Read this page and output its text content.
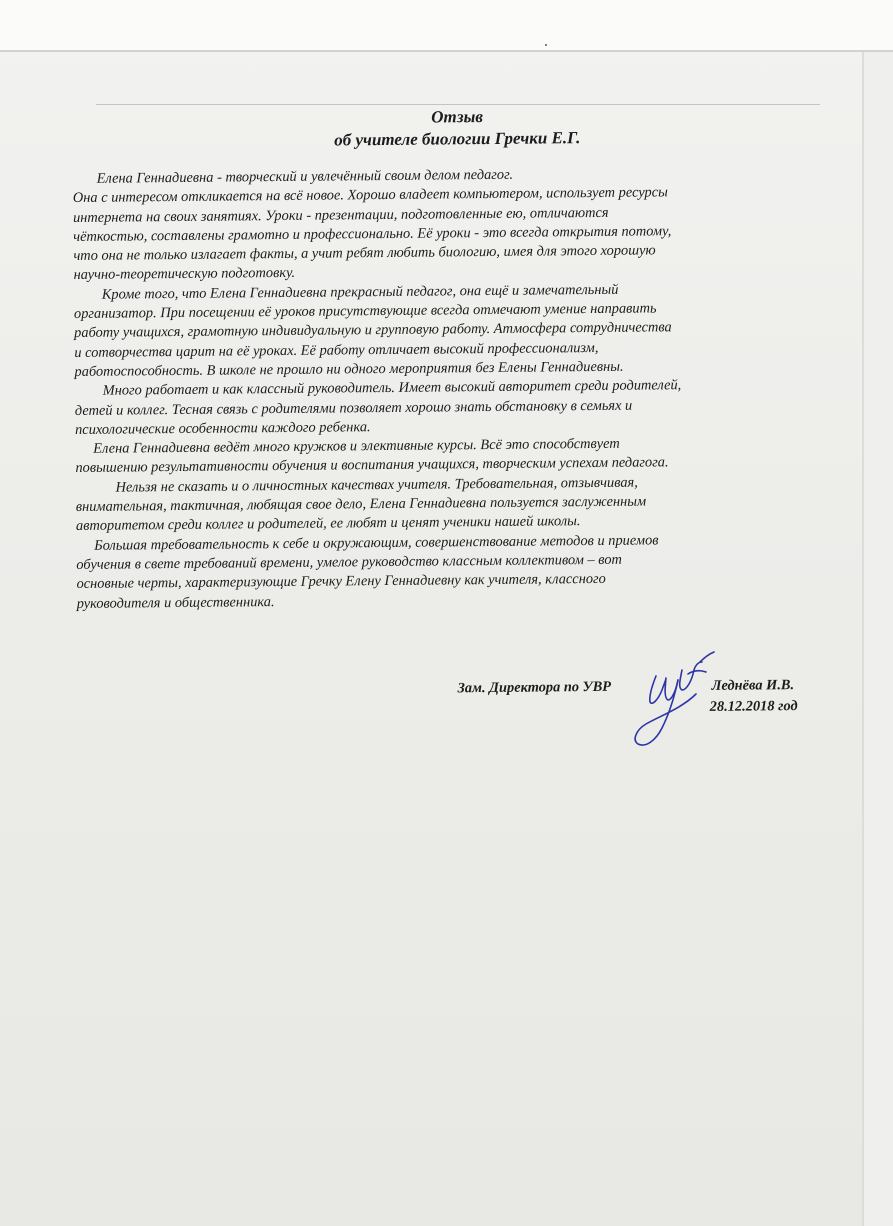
Отзыв
об учителе биологии Гречки Е.Г.
Елена Геннадиевна - творческий и увлечённый своим делом педагог.
Она с интересом откликается на всё новое. Хорошо владеет компьютером, использует ресурсы
интернета на своих занятиях. Уроки - презентации, подготовленные ею, отличаются
чёткостью, составлены грамотно и профессионально. Её уроки - это всегда открытия потому,
что она не только излагает факты, а учит ребят любить биологию, имея для этого хорошую
научно-теоретическую подготовку.
Кроме того, что Елена Геннадиевна прекрасный педагог, она ещё и замечательный
организатор. При посещении её уроков присутствующие всегда отмечают умение направить
работу учащихся, грамотную индивидуальную и групповую работу. Атмосфера сотрудничества
и сотворчества царит на её уроках. Её работу отличает высокий профессионализм,
работоспособность. В школе не прошло ни одного мероприятия без Елены Геннадиевны.
Много работает и как классный руководитель. Имеет высокий авторитет среди родителей,
детей и коллег. Тесная связь с родителями позволяет хорошо знать обстановку в семьях и
психологические особенности каждого ребенка.
Елена Геннадиевна ведёт много кружков и элективные курсы. Всё это способствует
повышению результативности обучения и воспитания учащихся, творческим успехам педагога.
Нельзя не сказать и о личностных качествах учителя. Требовательная, отзывчивая,
внимательная, тактичная, любящая свое дело, Елена Геннадиевна пользуется заслуженным
авторитетом среди коллег и родителей, ее любят и ценят ученики нашей школы.
Большая требовательность к себе и окружающим, совершенствование методов и приемов
обучения в свете требований времени, умелое руководство классным коллективом – вот
основные черты, характеризующие Гречку Елену Геннадиевну как учителя, классного
руководителя и общественника.
Зам. Директора по УВР	Леднёва И.В.
28.12.2018 год
